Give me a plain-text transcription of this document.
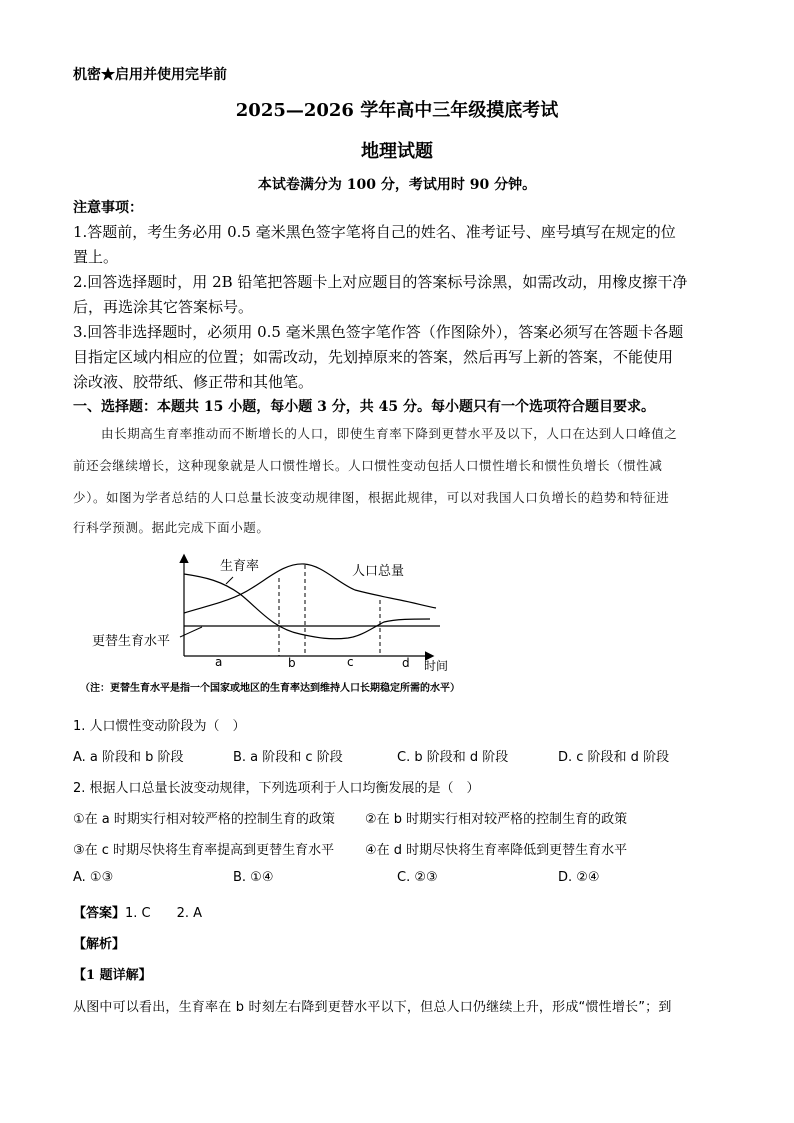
机密★启用并使用完毕前
2025—2026 学年高中三年级摸底考试
地理试题
本试卷满分为 100 分，考试用时 90 分钟。
注意事项：
1.答题前，考生务必用 0.5 毫米黑色签字笔将自己的姓名、准考证号、座号填写在规定的位
置上。
2.回答选择题时，用 2B 铅笔把答题卡上对应题目的答案标号涂黑，如需改动，用橡皮擦干净
后，再选涂其它答案标号。
3.回答非选择题时，必须用 0.5 毫米黑色签字笔作答（作图除外），答案必须写在答题卡各题
目指定区域内相应的位置；如需改动，先划掉原来的答案，然后再写上新的答案，不能使用
涂改液、胶带纸、修正带和其他笔。
一、选择题：本题共 15 小题，每小题 3 分，共 45 分。每小题只有一个选项符合题目要求。
由长期高生育率推动而不断增长的人口，即使生育率下降到更替水平及以下，人口在达到人口峰值之
前还会继续增长，这种现象就是人口惯性增长。人口惯性变动包括人口惯性增长和惯性负增长（惯性减
少）。如图为学者总结的人口总量长波变动规律图，根据此规律，可以对我国人口负增长的趋势和特征进
行科学预测。据此完成下面小题。
生育率	人口总量
更替生育水平
a	b	c	d 时间
（注：更替生育水平是指一个国家或地区的生育率达到维持人口长期稳定所需的水平）
1. 人口惯性变动阶段为（　）
A. a 阶段和 b 阶段	B. a 阶段和 c 阶段	C. b 阶段和 d 阶段	D. c 阶段和 d 阶段
2. 根据人口总量长波变动规律，下列选项利于人口均衡发展的是（　）
①在 a 时期实行相对较严格的控制生育的政策 ②在 b 时期实行相对较严格的控制生育的政策
③在 c 时期尽快将生育率提高到更替生育水平 ④在 d 时期尽快将生育率降低到更替生育水平
A. ①③	B. ①④	C. ②③	D. ②④
【答案】1. C　　2. A
【解析】
【1 题详解】
从图中可以看出，生育率在 b 时刻左右降到更替水平以下，但总人口仍继续上升，形成“惯性增长”；到
